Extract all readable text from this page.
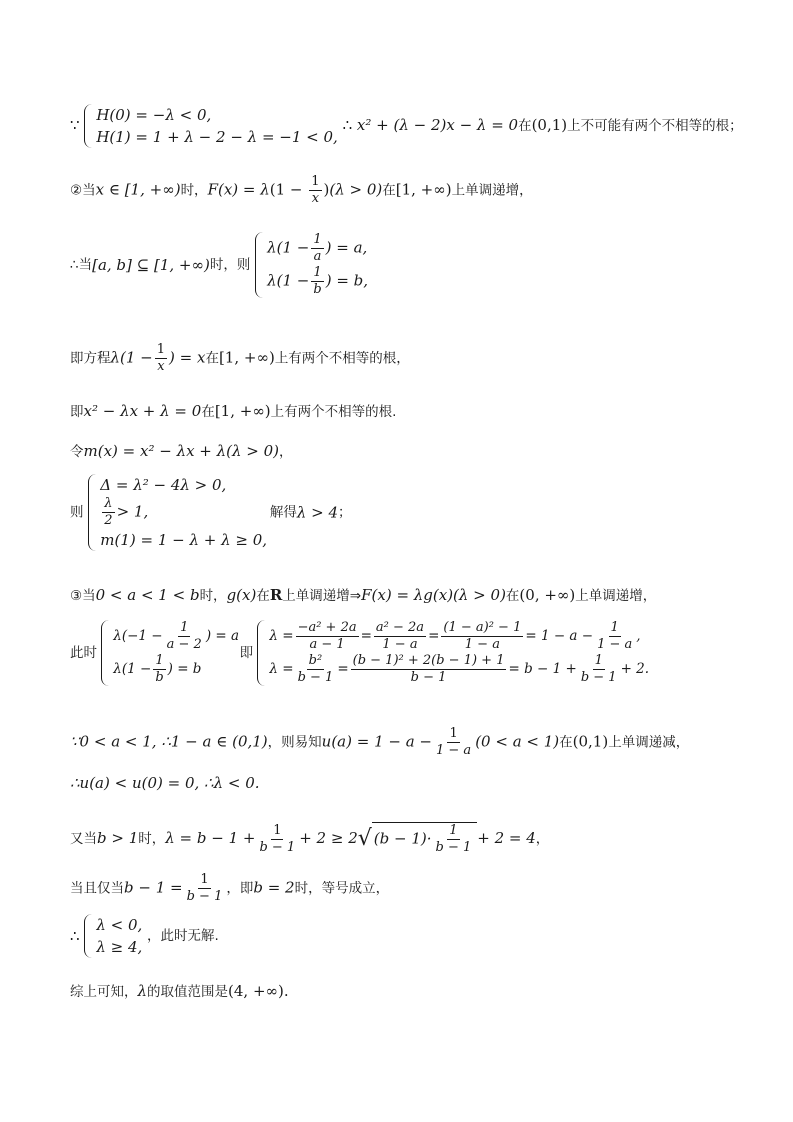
∵
H(0) = −λ < 0,
H(1) = 1 + λ − 2 − λ = −1 < 0,
∴ x² + (λ − 2)x − λ = 0在(0,1)上不可能有两个不相等的根；
②当x ∈ [1, +∞)时，$F(x) = \lambda(1 - \frac{1}{x} )(\lambda > 0)$在[1, +∞)上单调递增，
∴当[a, b] ⊆ [1, +∞)时，则
$\lambda(1 - \frac{1}{a}$ ) = a,
$\lambda(1 - \frac{1}{b}$ ) = b,
即方程$\lambda(1 - \frac{1}{x}$ ) = x在[1, +∞)上有两个不相等的根，
即x² − λx + λ = 0在[1, +∞)上有两个不相等的根.
令m(x) = x² − λx + λ(λ > 0)，
则
Δ = λ² − 4λ > 0,
$\frac{\lambda}{2} > 1$,
m(1) = 1 − λ + λ ≥ 0,
解得λ > 4；
③当0 < a < 1 < b时，g(x)在R上单调递增⇒F(x) = λg(x)(λ > 0)在(0, +∞)上单调递增，
此时
$\lambda(-1 - \frac{1}{a - 2}$ ) = a
$\lambda(1 - \frac{1}{b}$ ) = b
即
$\lambda = \frac{\text{−a² + 2a}}{a - 1} = \frac{\text{a² − 2a}}{1 - a} = \frac{\text{(1 − a)² − 1}}{1 - a} = 1 - a - \frac{1}{1 - a}$ ,
$\lambda = \frac{\text{b²}}{b - 1} = \frac{\text{(b − 1)² + 2(b − 1) + 1}}{b - 1} = b - 1 + \frac{1}{b - 1} + 2$.
∵0 < a < 1, ∴1 − a ∈ (0,1)，则易知$u(a) = 1 - a - \frac{1}{1 - a} (0 < a < 1)$在(0,1)上单调递减，
∴u(a) < u(0) = 0, ∴λ < 0.
又当b > 1时，$\lambda = b - 1 + \frac{1}{b - 1} + 2 \ge 2√$ $(b - 1)\cdot \frac{1}{b - 1} + 2 = 4$，
当且仅当$b - 1 = \frac{1}{b - 1}$ ，即b = 2时，等号成立，
∴
λ < 0,
λ ≥ 4,
，此时无解.
综上可知，λ的取值范围是(4, +∞).
